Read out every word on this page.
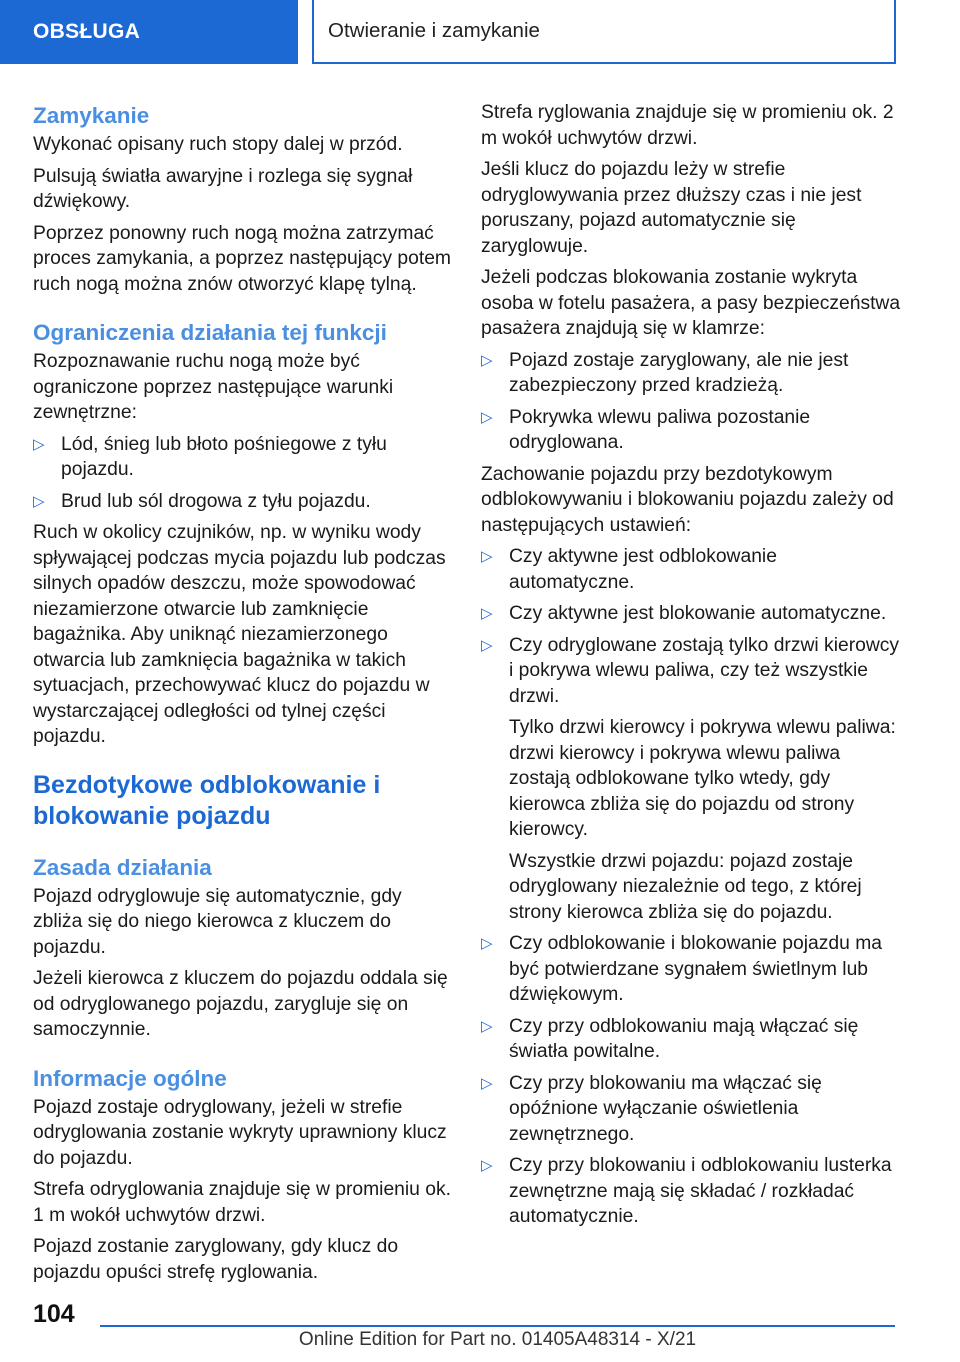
OBSŁUGA	Otwieranie i zamykanie
Zamykanie

Wykonać opisany ruch stopy dalej w przód.

Pulsują światła awaryjne i rozlega się sygnał dźwiękowy.

Poprzez ponowny ruch nogą można zatrzymać proces zamykania, a poprzez następujący potem ruch nogą można znów otworzyć klapę tylną.

Ograniczenia działania tej funkcji

Rozpoznawanie ruchu nogą może być ograniczone poprzez następujące warunki zewnętrzne:

▷ Lód, śnieg lub błoto pośniegowe z tyłu pojazdu.
▷ Brud lub sól drogowa z tyłu pojazdu.

Ruch w okolicy czujników, np. w wyniku wody spływającej podczas mycia pojazdu lub podczas silnych opadów deszczu, może spowodować niezamierzone otwarcie lub zamknięcie bagażnika. Aby uniknąć niezamierzonego otwarcia lub zamknięcia bagażnika w takich sytuacjach, przechowywać klucz do pojazdu w wystarczającej odległości od tylnej części pojazdu.

Bezdotykowe odblokowanie i blokowanie pojazdu
Zasada działania

Pojazd odryglowuje się automatycznie, gdy zbliża się do niego kierowca z kluczem do pojazdu.

Jeżeli kierowca z kluczem do pojazdu oddala się od odryglowanego pojazdu, zarygluje się on samoczynnie.

Informacje ogólne

Pojazd zostaje odryglowany, jeżeli w strefie odryglowania zostanie wykryty uprawniony klucz do pojazdu.

Strefa odryglowania znajduje się w promieniu ok. 1 m wokół uchwytów drzwi.

Pojazd zostanie zaryglowany, gdy klucz do pojazdu opuści strefę ryglowania.

Strefa ryglowania znajduje się w promieniu ok. 2 m wokół uchwytów drzwi.

Jeśli klucz do pojazdu leży w strefie odryglowywania przez dłuższy czas i nie jest poruszany, pojazd automatycznie się zaryglowuje.

Jeżeli podczas blokowania zostanie wykryta osoba w fotelu pasażera, a pasy bezpieczeństwa pasażera znajdują się w klamrze:

▷ Pojazd zostaje zaryglowany, ale nie jest zabezpieczony przed kradzieżą.
▷ Pokrywka wlewu paliwa pozostanie odryglowana.

Zachowanie pojazdu przy bezdotykowym odblokowywaniu i blokowaniu pojazdu zależy od następujących ustawień:

▷ Czy aktywne jest odblokowanie automatyczne.
▷ Czy aktywne jest blokowanie automatyczne.
▷ Czy odryglowane zostają tylko drzwi kierowcy i pokrywa wlewu paliwa, czy też wszystkie drzwi.

Tylko drzwi kierowcy i pokrywa wlewu paliwa: drzwi kierowcy i pokrywa wlewu paliwa zostają odblokowane tylko wtedy, gdy kierowca zbliża się do pojazdu od strony kierowcy.

Wszystkie drzwi pojazdu: pojazd zostaje odryglowany niezależnie od tego, z której strony kierowca zbliża się do pojazdu.

▷ Czy odblokowanie i blokowanie pojazdu ma być potwierdzane sygnałem świetlnym lub dźwiękowym.
▷ Czy przy odblokowaniu mają włączać się światła powitalne.
▷ Czy przy blokowaniu ma włączać się opóźnione wyłączanie oświetlenia zewnętrznego.
▷ Czy przy blokowaniu i odblokowaniu lusterka zewnętrzne mają się składać / rozkładać automatycznie.
104
Online Edition for Part no. 01405A48314 - X/21
